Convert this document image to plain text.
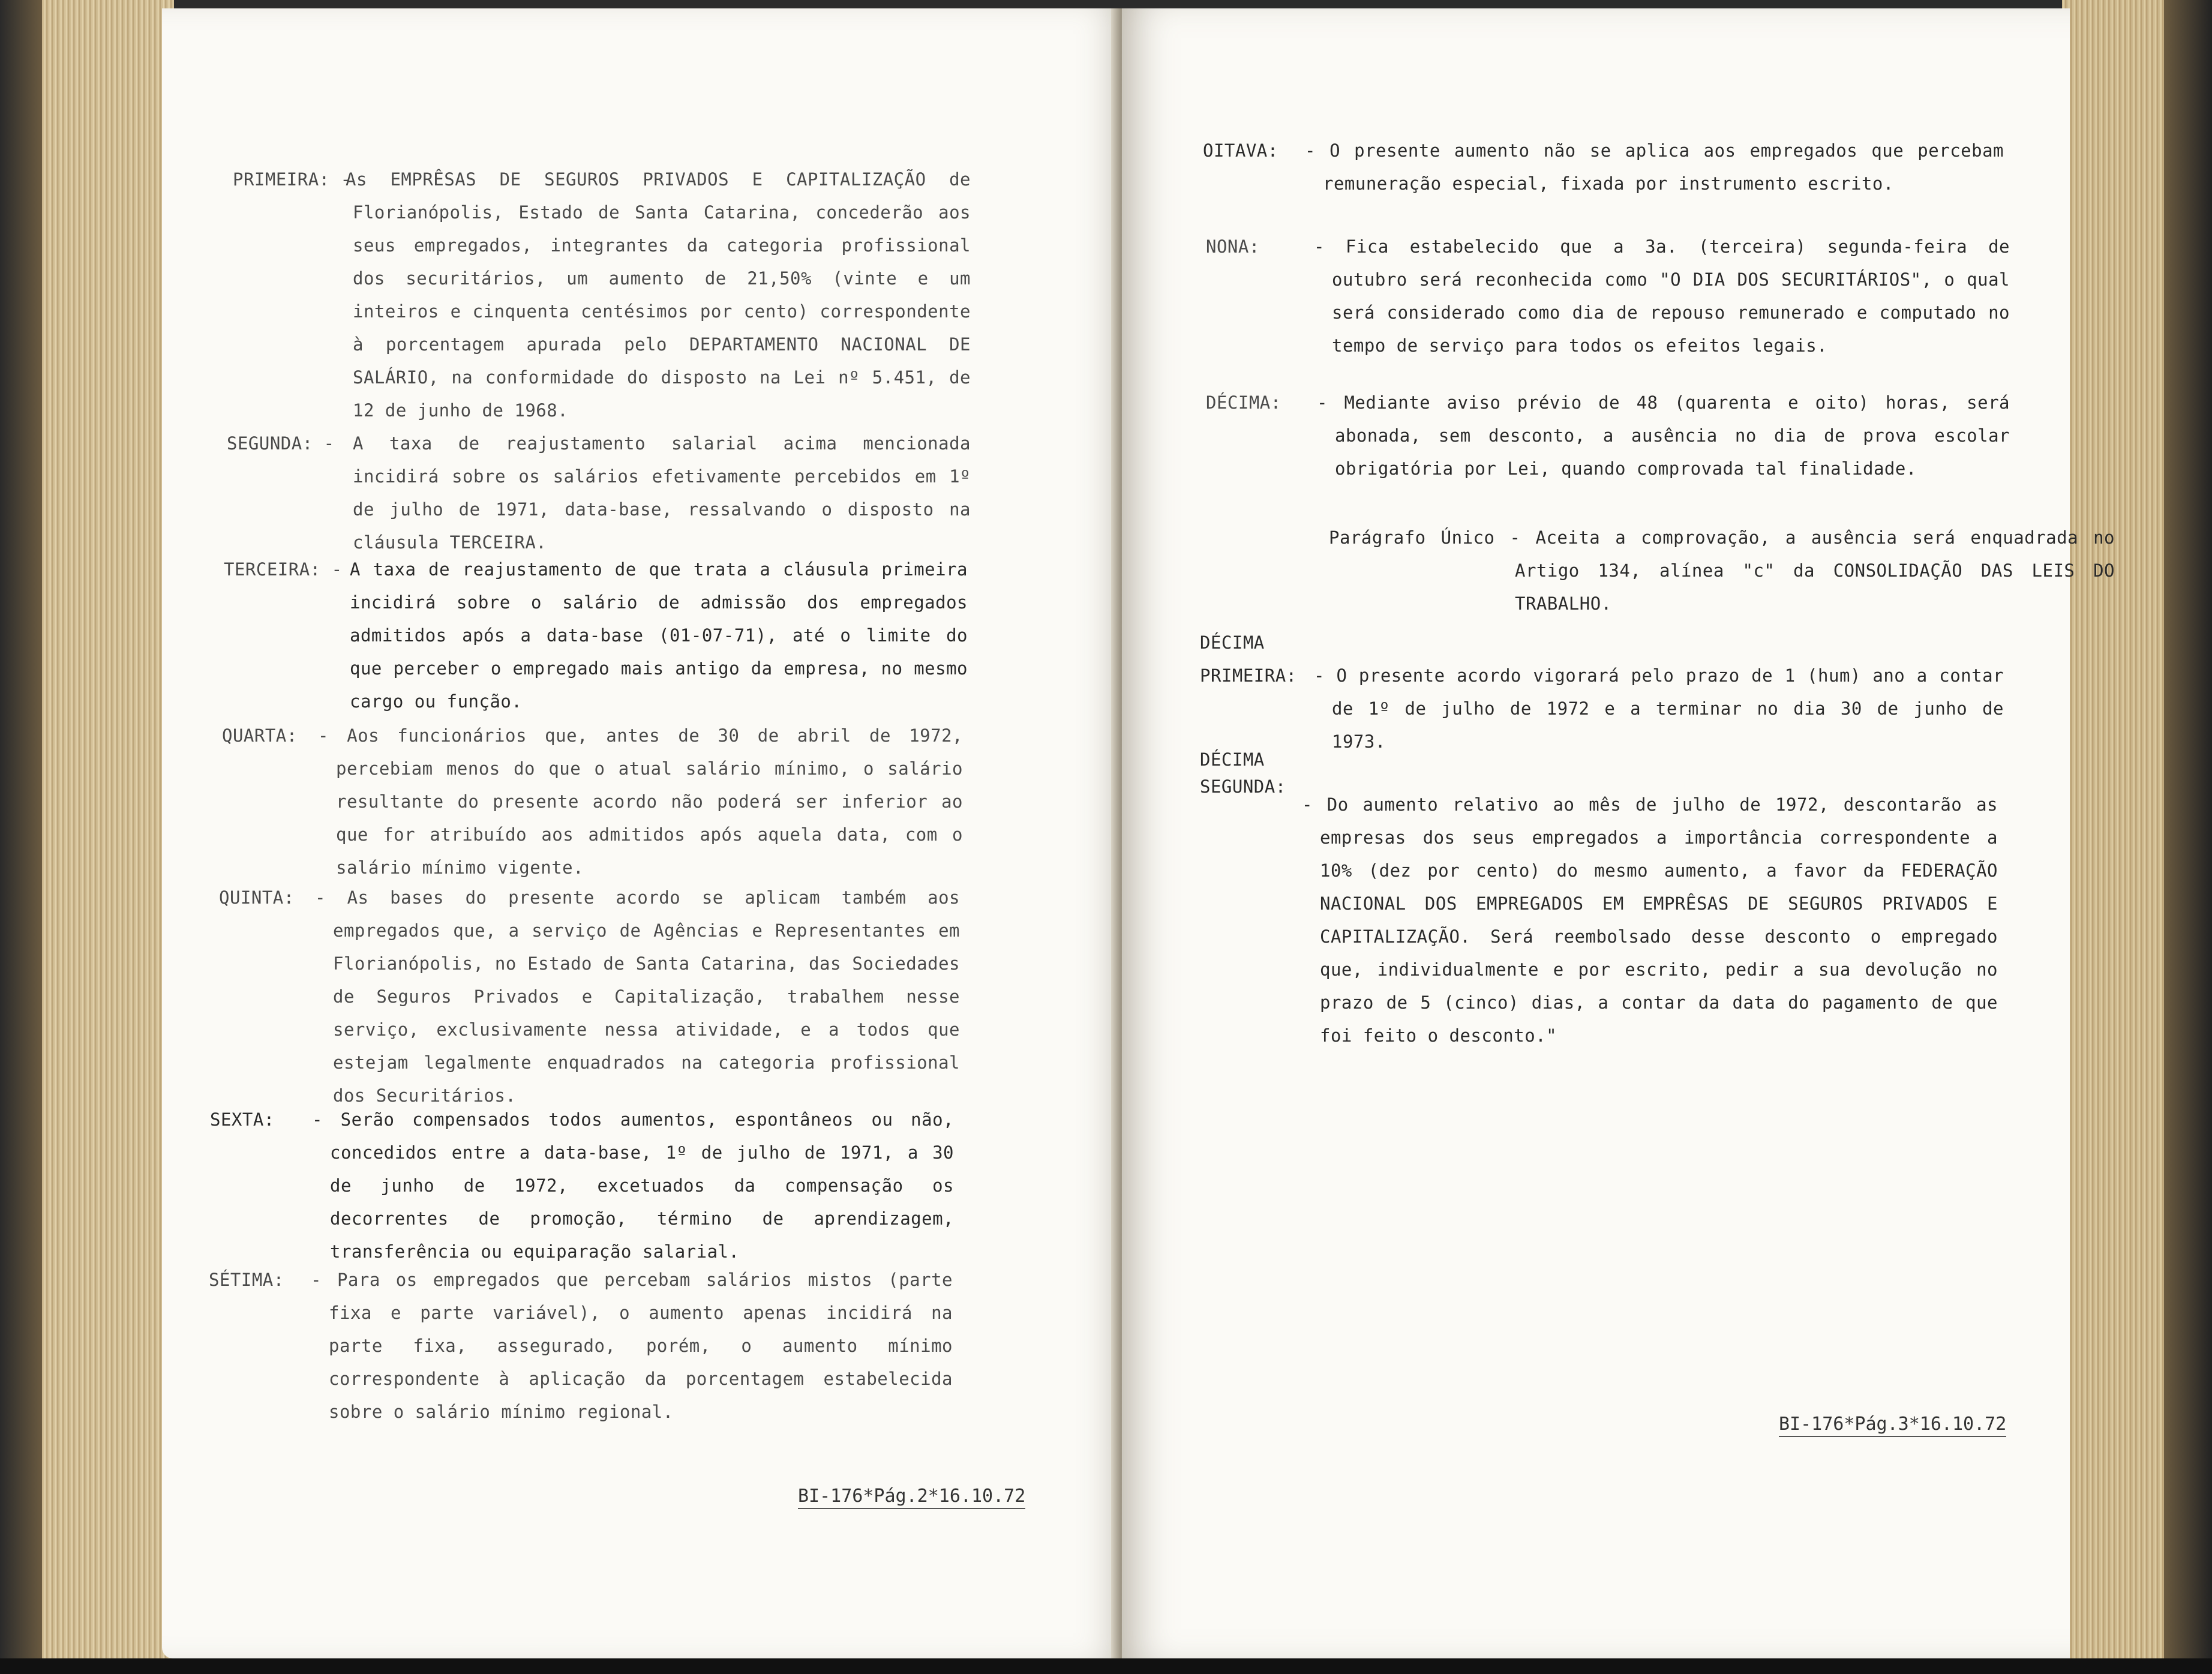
PRIMEIRA: -
As EMPRÊSAS DE SEGUROS PRIVADOS E CAPITALIZAÇÃO de Florianópolis, Estado de Santa Catarina, concederão aos seus empregados, integrantes da categoria profissional dos securitários, um aumento de 21,50% (vinte e um inteiros e cinquenta centésimos por cento) correspondente à porcentagem apurada pelo DEPARTAMENTO NACIONAL DE SALÁRIO, na conformidade do disposto na Lei nº 5.451, de 12 de junho de 1968.
SEGUNDA: - A taxa de reajustamento salarial acima mencionada incidirá sobre os salários efetivamente percebidos em 1º de julho de 1971, data-base, ressalvando o disposto na cláusula TERCEIRA.
TERCEIRA: - A taxa de reajustamento de que trata a cláusula primeira incidirá sobre o salário de admissão dos empregados admitidos após a data-base (01-07-71), até o limite do que perceber o empregado mais antigo da empresa, no mesmo cargo ou função.
QUARTA: - Aos funcionários que, antes de 30 de abril de 1972, percebiam menos do que o atual salário mínimo, o salário resultante do presente acordo não poderá ser inferior ao que for atribuído aos admitidos após aquela data, com o salário mínimo vigente.
QUINTA: - As bases do presente acordo se aplicam também aos empregados que, a serviço de Agências e Representantes em Florianópolis, no Estado de Santa Catarina, das Sociedades de Seguros Privados e Capitalização, trabalhem nesse serviço, exclusivamente nessa atividade, e a todos que estejam legalmente enquadrados na categoria profissional dos Securitários.
SEXTA: - Serão compensados todos aumentos, espontâneos ou não, concedidos entre a data-base, 1º de julho de 1971, a 30 de junho de 1972, excetuados da compensação os decorrentes de promoção, término de aprendizagem, transferência ou equiparação salarial.
SÉTIMA: - Para os empregados que percebam salários mistos (parte fixa e parte variável), o aumento apenas incidirá na parte fixa, assegurado, porém, o aumento mínimo correspondente à aplicação da porcentagem estabelecida sobre o salário mínimo regional.
BI-176*Pág.2*16.10.72
OITAVA: - O presente aumento não se aplica aos empregados que percebam remuneração especial, fixada por instrumento escrito.
NONA:	- Fica estabelecido que a 3a. (terceira) segunda-feira de outubro será reconhecida como "O DIA DOS SECURITÁRIOS", o qual será considerado como dia de repouso remunerado e computado no tempo de serviço para todos os efeitos legais.
DÉCIMA: - Mediante aviso prévio de 48 (quarenta e oito) horas, será abonada, sem desconto, a ausência no dia de prova escolar obrigatória por Lei, quando comprovada tal finalidade.
Parágrafo Único - Aceita a comprovação, a ausência será enquadrada no Artigo 134, alínea "c" da CONSOLIDAÇÃO DAS LEIS DO TRABALHO.
DÉCIMA
PRIMEIRA: - O presente acordo vigorará pelo prazo de 1 (hum) ano a contar de 1º de julho de 1972 e a terminar no dia 30 de junho de 1973.
DÉCIMA
SEGUNDA:
- Do aumento relativo ao mês de julho de 1972, descontarão as empresas dos seus empregados a importância correspondente a 10% (dez por cento) do mesmo aumento, a favor da FEDERAÇÃO NACIONAL DOS EMPREGADOS EM EMPRÊSAS DE SEGUROS PRIVADOS E CAPITALIZAÇÃO. Será reembolsado desse desconto o empregado que, individualmente e por escrito, pedir a sua devolução no prazo de 5 (cinco) dias, a contar da data do pagamento de que foi feito o desconto."
BI-176*Pág.3*16.10.72
